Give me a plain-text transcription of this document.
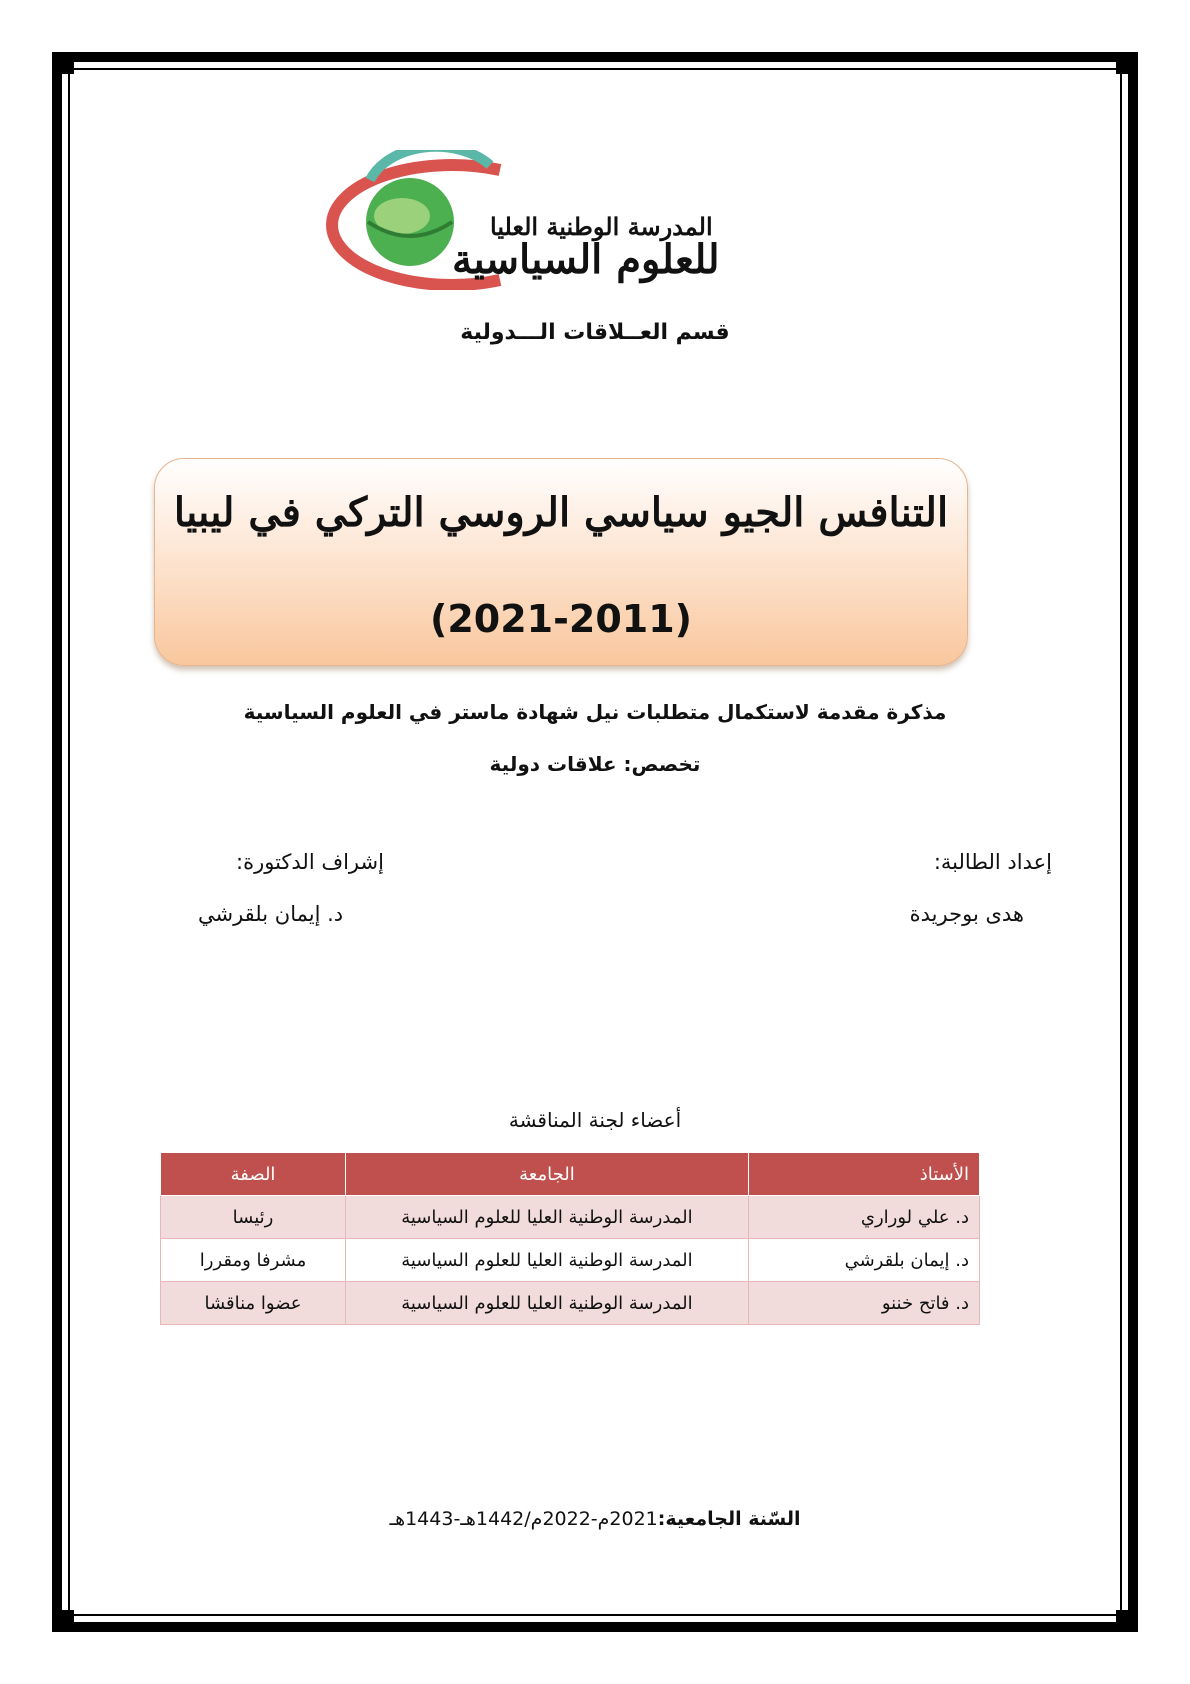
المدرسة الوطنية العليا
للعلوم السياسية
قسم العــلاقات الـــدولية
التنافس الجيو سياسي الروسي التركي في ليبيا
(2021-2011)
مذكرة مقدمة لاستكمال متطلبات نيل شهادة ماستر في العلوم السياسية
تخصص: علاقات دولية
إعداد الطالبة:
إشراف الدكتورة:
هدى بوجريدة
د. إيمان بلقرشي
أعضاء لجنة المناقشة
الأستاذ	الجامعة	الصفة
د. علي لوراري	المدرسة الوطنية العليا للعلوم السياسية	رئيسا
د. إيمان بلقرشي	المدرسة الوطنية العليا للعلوم السياسية	مشرفا ومقررا
د. فاتح خننو	المدرسة الوطنية العليا للعلوم السياسية	عضوا مناقشا
السّنة الجامعية:2021م-2022م/1442هـ-1443هـ
